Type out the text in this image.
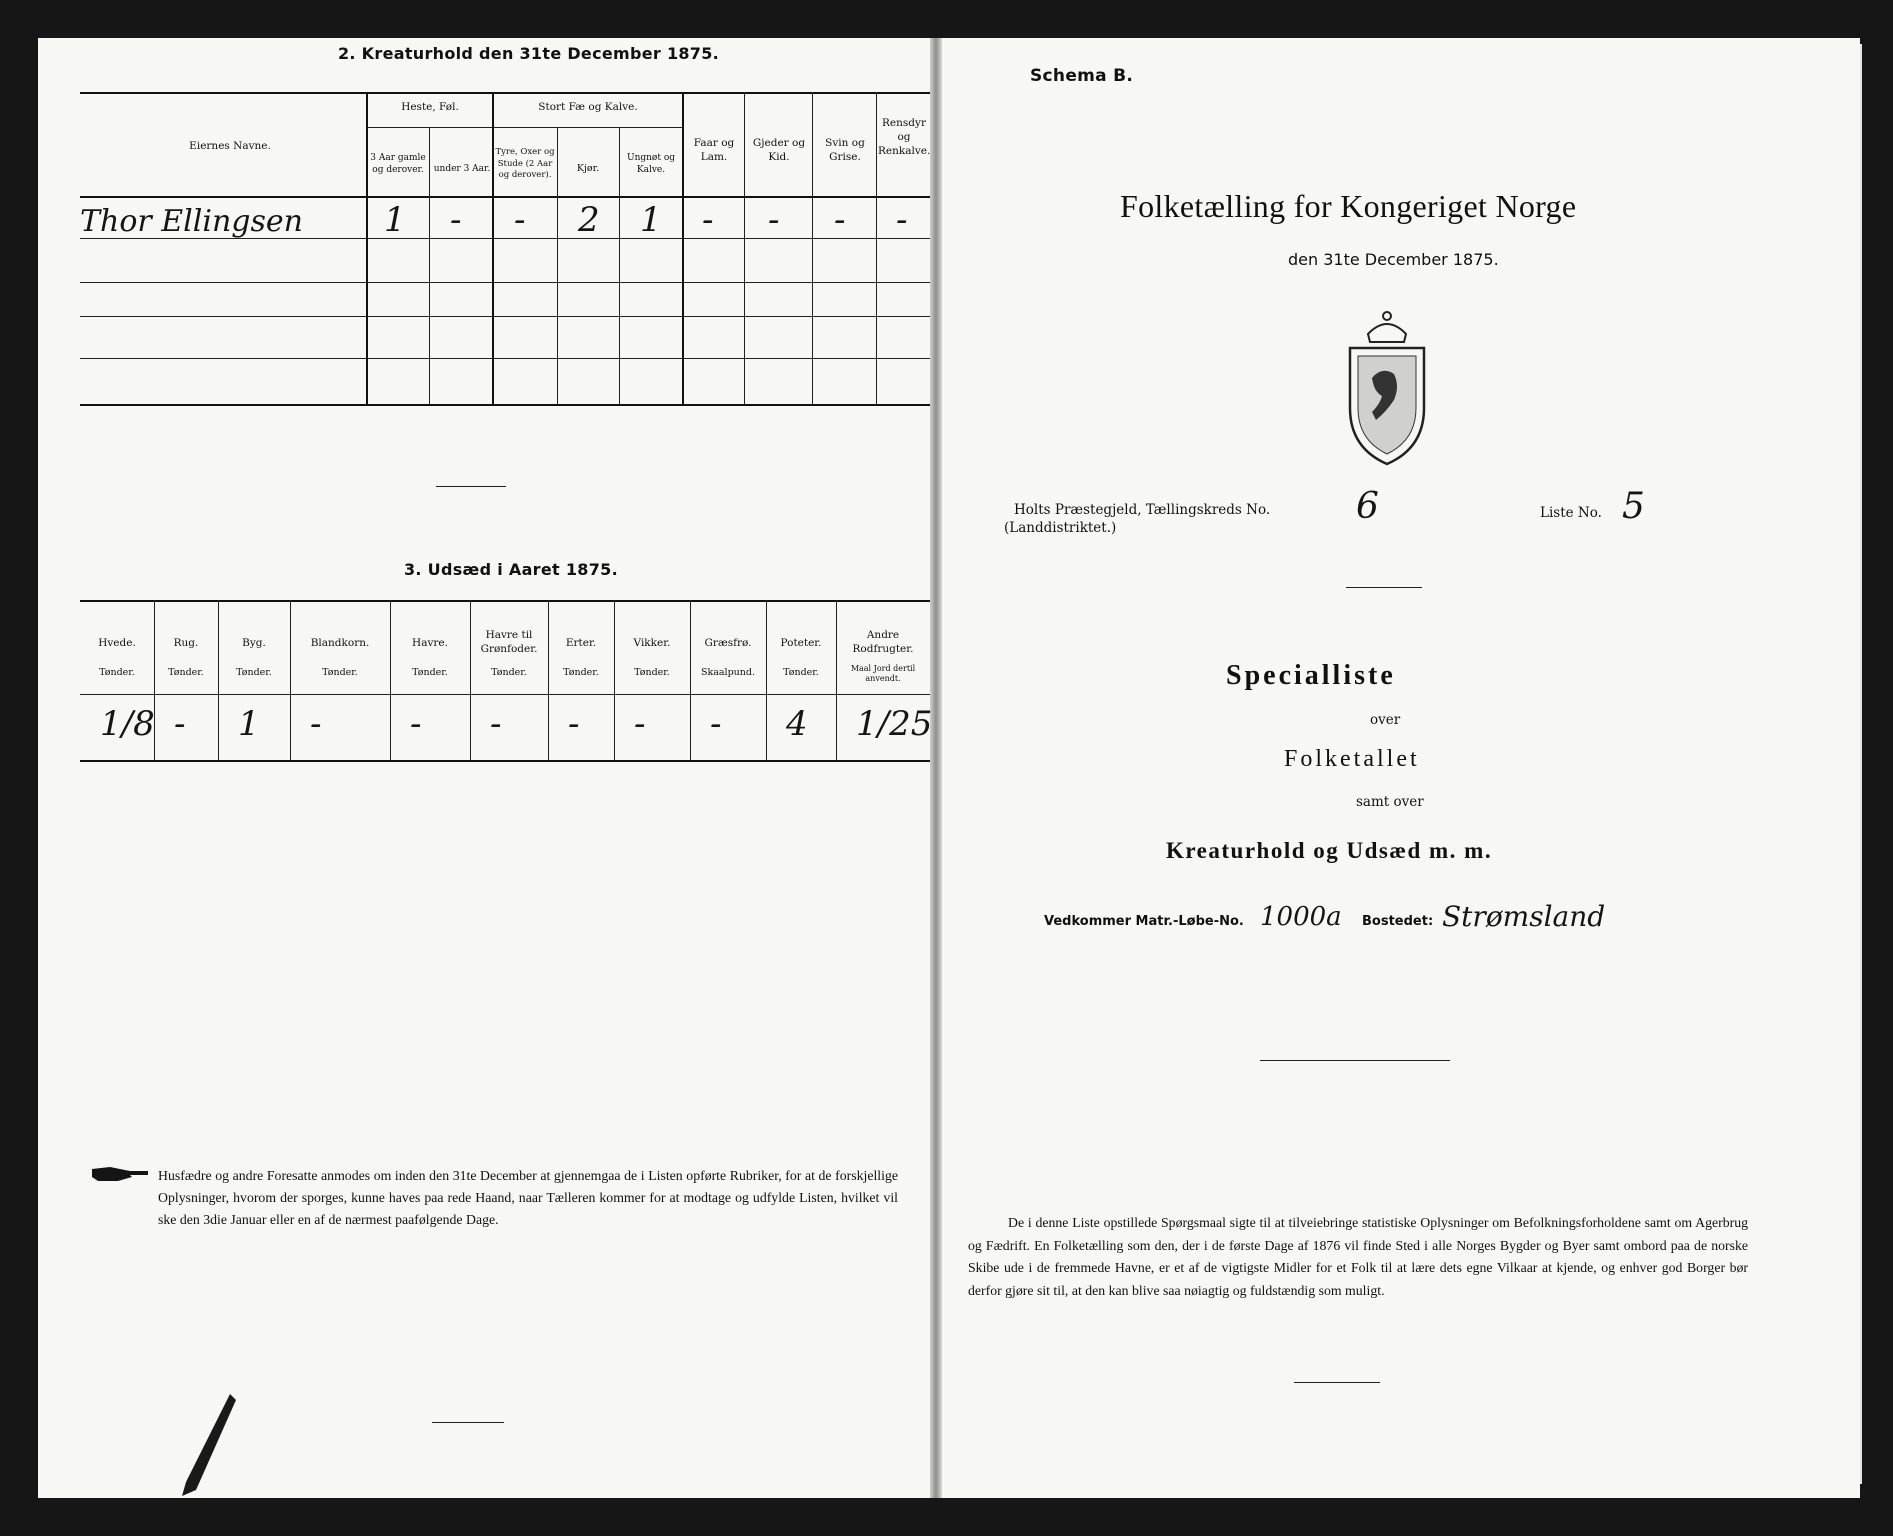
2. Kreaturhold den 31te December 1875.
Eiernes Navne.
Heste, Føl.
3 Aar gamle og derover.	under 3 Aar.
Stort Fæ og Kalve.
Tyre, Oxer og Stude (2 Aar og derover).
Kjør.
Ungnøt og Kalve.
Faar og Lam.
Gjeder og Kid.
Svin og Grise.
Rensdyr og Renkalve.
Thor Ellingsen 1 - - 2 1 - - - -
3. Udsæd i Aaret 1875.
Husfædre og andre Foresatte anmodes om inden den 31te December at gjennemgaa de i Listen opførte Rubriker, for at de forskjellige Oplysninger, hvorom der sporges, kunne haves paa rede Haand, naar Tælleren kommer for at modtage og udfylde Listen, hvilket vil ske den 3die Januar eller en af de nærmest paafølgende Dage.
Schema B.
Folketælling for Kongeriget Norge
den 31te December 1875.
Holts Præstegjeld, Tællingskreds No.
(Landdistriktet.)
6	Liste No. 5
Specialliste
over
Folketallet
samt over
Kreaturhold og Udsæd m. m.
Vedkommer Matr.-Løbe-No. 1000a Bostedet: Strømsland
De i denne Liste opstillede Spørgsmaal sigte til at tilveiebringe statistiske Oplysninger om Befolkningsforholdene samt om Agerbrug og Fædrift. En Folketælling som den, der i de første Dage af 1876 vil finde Sted i alle Norges Bygder og Byer samt ombord paa de norske Skibe ude i de fremmede Havne, er et af de vigtigste Midler for et Folk til at lære dets egne Vilkaar at kjende, og enhver god Borger bør derfor gjøre sit til, at den kan blive saa nøiagtig og fuldstændig som muligt.
Hvede.
Tønder.
1/8
Rug.
Tønder.
-
Byg.
Tønder.
1
Blandkorn.
Tønder.
-
Havre.
Tønder.
-
Havre til Grønfoder.
Tønder.
-
Erter.
Tønder.
-
Vikker.
Tønder.
-
Græsfrø.
Skaalpund.
-
Poteter.
Tønder.
4
Andre Rodfrugter.
Maal Jord dertil anvendt.
1/25
